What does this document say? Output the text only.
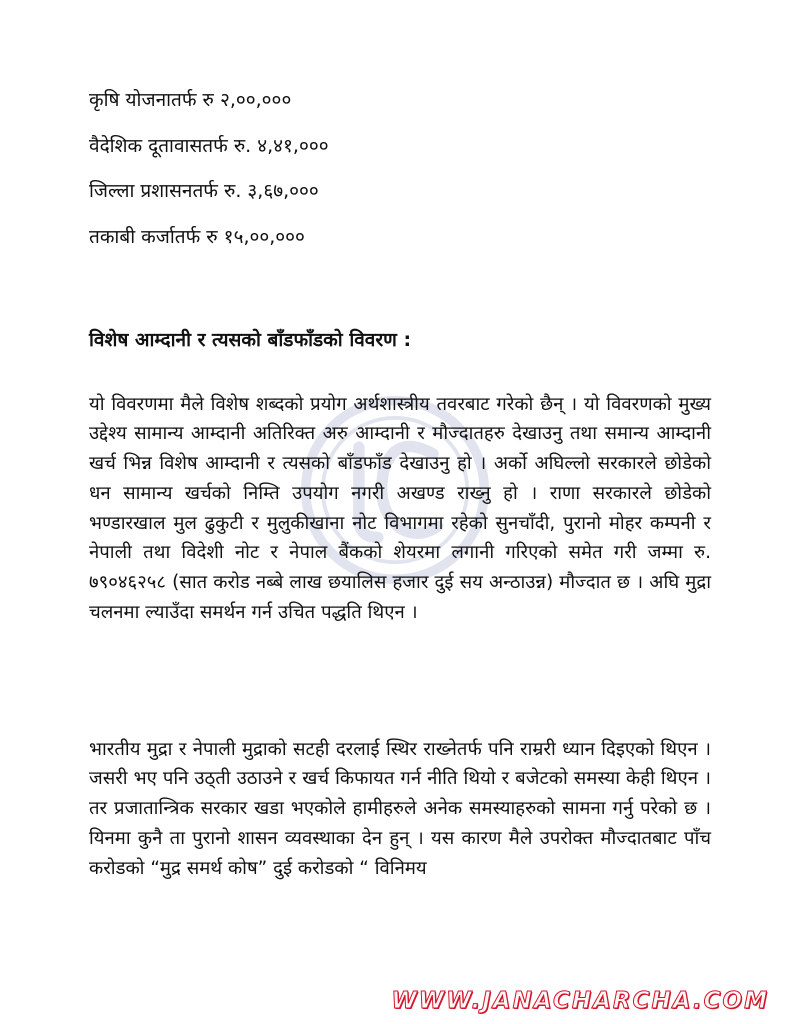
कृषि योजनातर्फ रु २,००,०००
वैदेशिक दूतावासतर्फ रु. ४,४१,०००
जिल्ला प्रशासनतर्फ रु. ३,६७,०००
तकाबी कर्जातर्फ रु १५,००,०००
विशेष आम्दानी र त्यसको बाँडफाँडको विवरण :

यो विवरणमा मैले विशेष शब्दको प्रयोग अर्थशास्त्रीय तवरबाट गरेको छैन् । यो विवरणको मुख्य उद्देश्य सामान्य आम्दानी अतिरिक्त अरु आम्दानी र मौज्दातहरु देखाउनु तथा समान्य आम्दानी खर्च भिन्न विशेष आम्दानी र त्यसको बाँडफाँड देखाउनु हो । अर्को अघिल्लो सरकारले छोडेको धन सामान्य खर्चको निम्ति उपयोग नगरी अखण्ड राख्नु हो । राणा सरकारले छोडेको भण्डारखाल मुल ढुकुटी र मुलुकीखाना नोट विभागमा रहेको सुनचाँदी, पुरानो मोहर कम्पनी र नेपाली तथा विदेशी नोट र नेपाल बैंकको शेयरमा लगानी गरिएको समेत गरी जम्मा रु. ७९०४६२५८ (सात करोड नब्बे लाख छयालिस हजार दुई सय अन्ठाउन्न) मौज्दात छ । अघि मुद्रा चलनमा ल्याउँदा समर्थन गर्न उचित पद्धति थिएन ।

भारतीय मुद्रा र नेपाली मुद्राको सटही दरलाई स्थिर राख्नेतर्फ पनि राम्ररी ध्यान दिइएको थिएन । जसरी भए पनि उठ्ती उठाउने र खर्च किफायत गर्न नीति थियो र बजेटको समस्या केही थिएन । तर प्रजातान्त्रिक सरकार खडा भएकोले हामीहरुले अनेक समस्याहरुको सामना गर्नु परेको छ । यिनमा कुनै ता पुरानो शासन व्यवस्थाका देन हुन् । यस कारण मैले उपरोक्त मौज्दातबाट पाँच करोडको “मुद्र समर्थ कोष” दुई करोडको “ विनिमय

WWW.JANACHARCHA.COM
